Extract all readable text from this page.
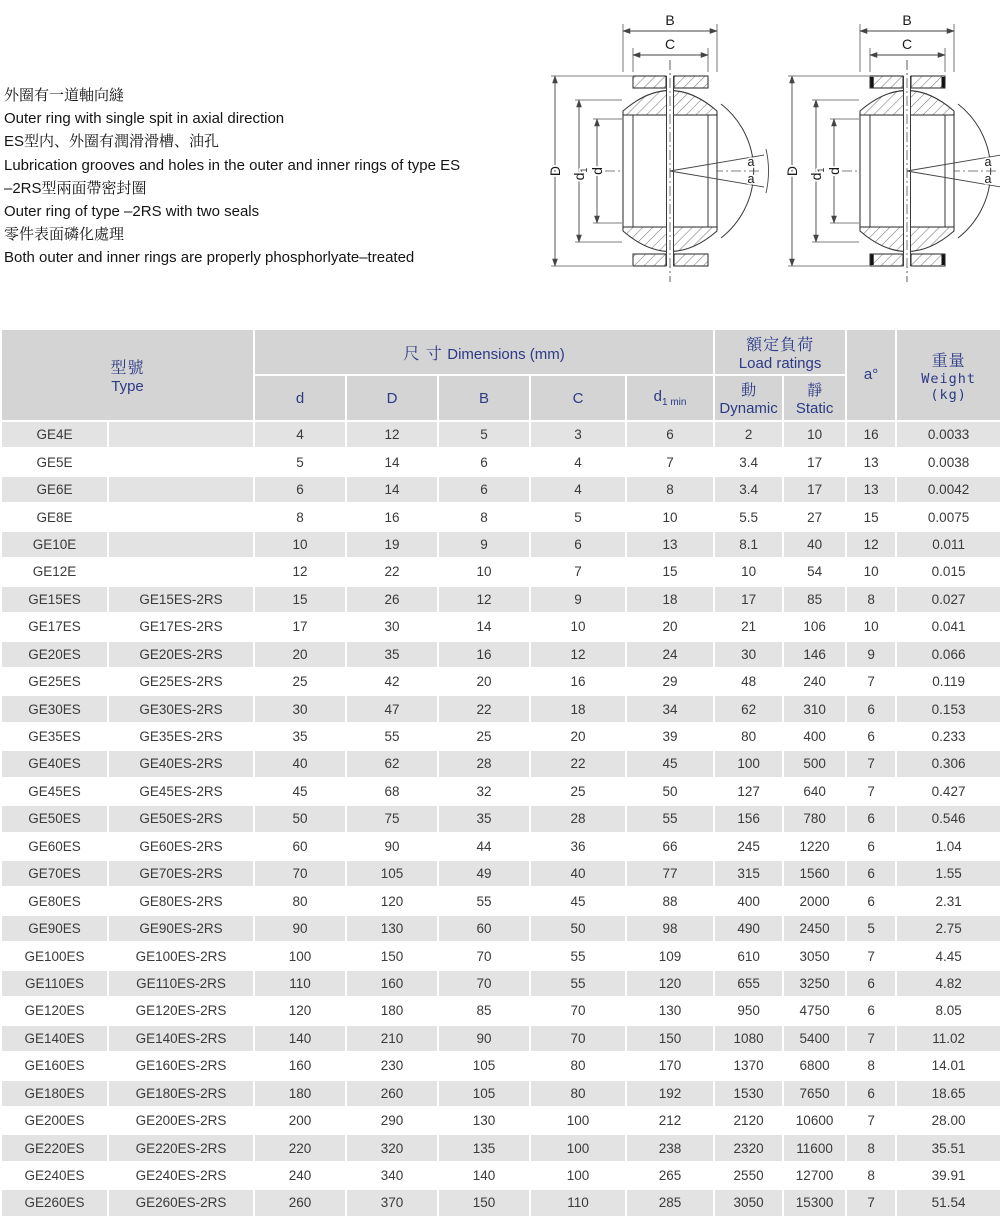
外圈有一道軸向縫
Outer ring with single spit in axial direction
ES型内、外圈有潤滑滑槽、油孔
Lubrication grooves and holes in the outer and inner rings of type ES
–2RS型兩面帶密封圈
Outer ring of type –2RS with two seals
零件表面磷化處理
Both outer and inner rings are properly phosphorlyate–treated
B
C
a
a
D
$d_1$ d
B
C
a
a
D
$d_1$ d
型號
Type
	尺 寸 Dimensions (mm)	額定負荷
Load ratings
	a°	
重量
Weight
(kg)

d	D	B	C	$d_{1 min}$	
動
Dynamic

靜
Static

GE4E		4	12	5	3	6	2	10	16	0.0033
GE5E		5	14	6	4	7	3.4	17	13	0.0038
GE6E		6	14	6	4	8	3.4	17	13	0.0042
GE8E		8	16	8	5	10	5.5	27	15	0.0075
GE10E		10	19	9	6	13	8.1	40	12	0.011
GE12E		12	22	10	7	15	10	54	10	0.015
GE15ES	GE15ES-2RS	15	26	12	9	18	17	85	8	0.027
GE17ES	GE17ES-2RS	17	30	14	10	20	21	106	10	0.041
GE20ES	GE20ES-2RS	20	35	16	12	24	30	146	9	0.066
GE25ES	GE25ES-2RS	25	42	20	16	29	48	240	7	0.119
GE30ES	GE30ES-2RS	30	47	22	18	34	62	310	6	0.153
GE35ES	GE35ES-2RS	35	55	25	20	39	80	400	6	0.233
GE40ES	GE40ES-2RS	40	62	28	22	45	100	500	7	0.306
GE45ES	GE45ES-2RS	45	68	32	25	50	127	640	7	0.427
GE50ES	GE50ES-2RS	50	75	35	28	55	156	780	6	0.546
GE60ES	GE60ES-2RS	60	90	44	36	66	245	1220	6	1.04
GE70ES	GE70ES-2RS	70	105	49	40	77	315	1560	6	1.55
GE80ES	GE80ES-2RS	80	120	55	45	88	400	2000	6	2.31
GE90ES	GE90ES-2RS	90	130	60	50	98	490	2450	5	2.75
GE100ES	GE100ES-2RS	100	150	70	55	109	610	3050	7	4.45
GE110ES	GE110ES-2RS	110	160	70	55	120	655	3250	6	4.82
GE120ES	GE120ES-2RS	120	180	85	70	130	950	4750	6	8.05
GE140ES	GE140ES-2RS	140	210	90	70	150	1080	5400	7	11.02
GE160ES	GE160ES-2RS	160	230	105	80	170	1370	6800	8	14.01
GE180ES	GE180ES-2RS	180	260	105	80	192	1530	7650	6	18.65
GE200ES	GE200ES-2RS	200	290	130	100	212	2120	10600	7	28.00
GE220ES	GE220ES-2RS	220	320	135	100	238	2320	11600	8	35.51
GE240ES	GE240ES-2RS	240	340	140	100	265	2550	12700	8	39.91
GE260ES	GE260ES-2RS	260	370	150	110	285	3050	15300	7	51.54
